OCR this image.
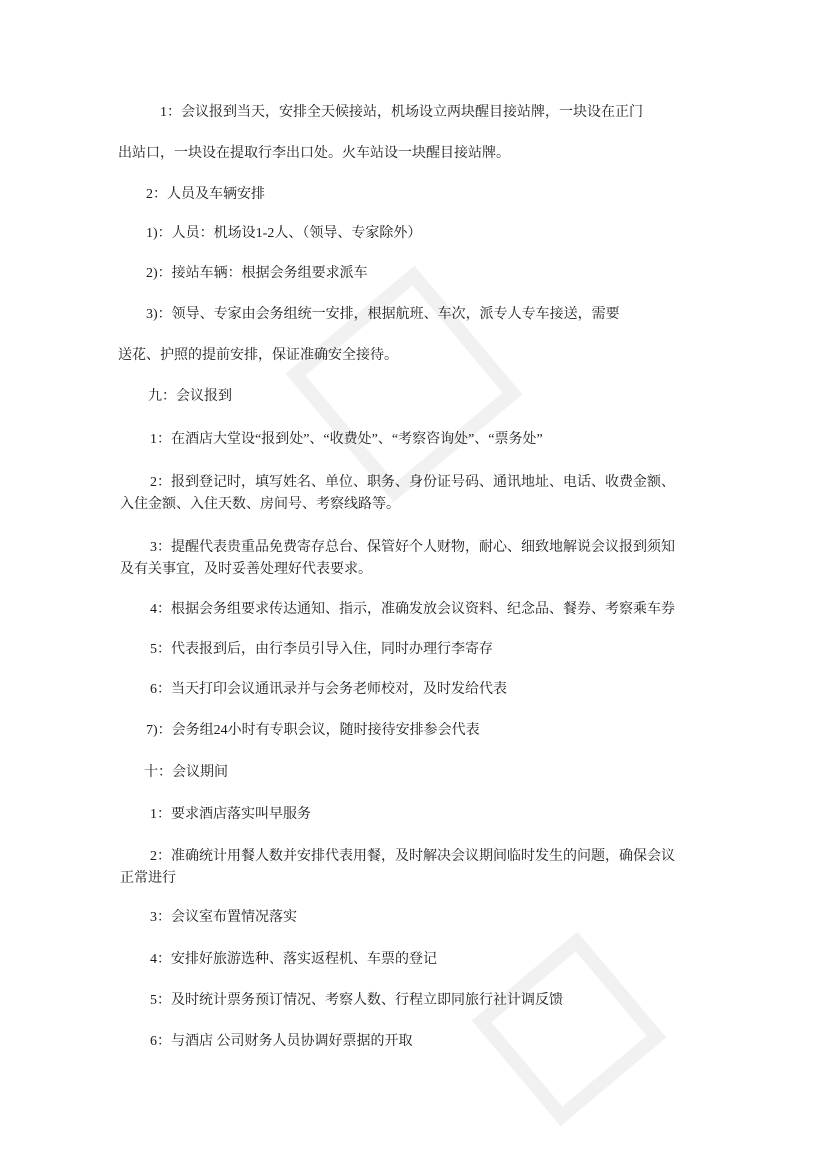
1：会议报到当天，安排全天候接站，机场设立两块醒目接站牌，一块设在正门
出站口，一块设在提取行李出口处。火车站设一块醒目接站牌。
2：人员及车辆安排
1)：人员：机场设1-2人、（领导、专家除外）
2)：接站车辆：根据会务组要求派车
3)：领导、专家由会务组统一安排，根据航班、车次，派专人专车接送，需要
送花、护照的提前安排，保证准确安全接待。
九：会议报到
1：在酒店大堂设“报到处”、“收费处”、“考察咨询处”、“票务处”
2：报到登记时，填写姓名、单位、职务、身份证号码、通讯地址、电话、收费金额、
入住金额、入住天数、房间号、考察线路等。
3：提醒代表贵重品免费寄存总台、保管好个人财物，耐心、细致地解说会议报到须知
及有关事宜，及时妥善处理好代表要求。
4：根据会务组要求传达通知、指示，准确发放会议资料、纪念品、餐券、考察乘车券
5：代表报到后，由行李员引导入住，同时办理行李寄存
6：当天打印会议通讯录并与会务老师校对，及时发给代表
7)：会务组24小时有专职会议，随时接待安排参会代表
十：会议期间
1：要求酒店落实叫早服务
2：准确统计用餐人数并安排代表用餐，及时解决会议期间临时发生的问题，确保会议
正常进行
3：会议室布置情况落实
4：安排好旅游选种、落实返程机、车票的登记
5：及时统计票务预订情况、考察人数、行程立即同旅行社计调反馈
6：与酒店 公司财务人员协调好票据的开取
